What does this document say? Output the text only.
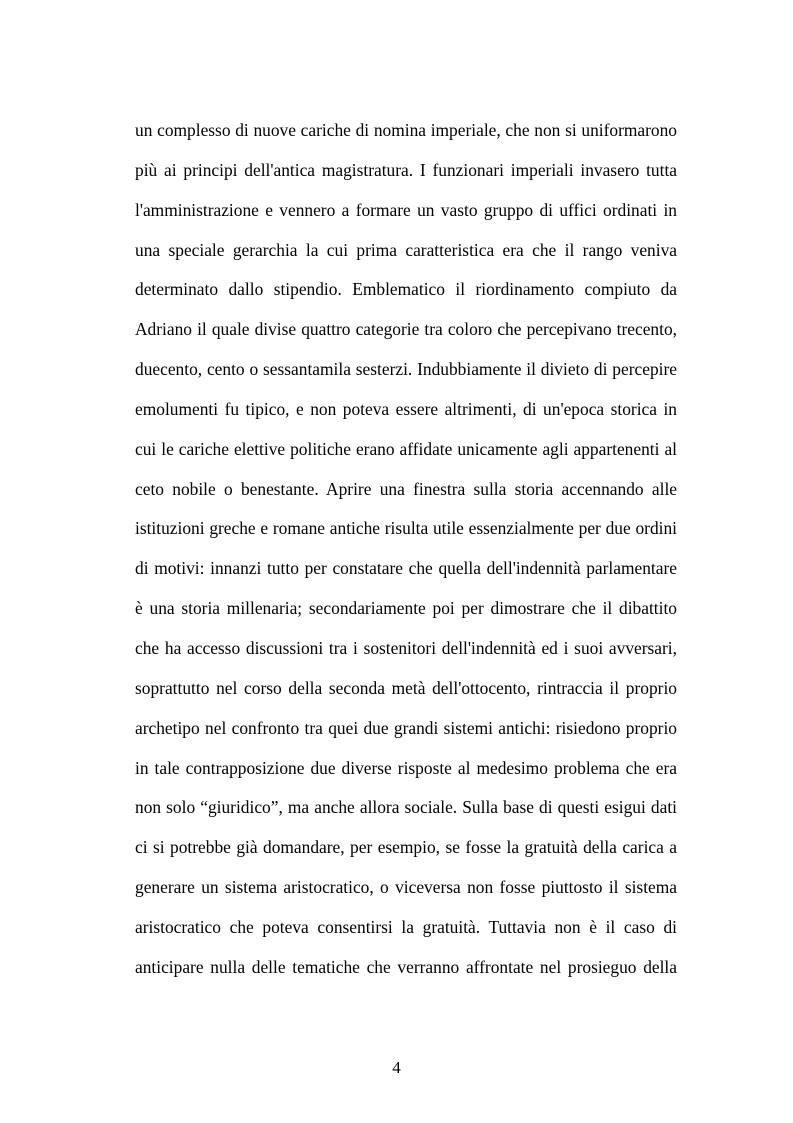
un complesso di nuove cariche di nomina imperiale, che non si uniformarono
più ai principi dell'antica magistratura. I funzionari imperiali invasero tutta
l'amministrazione e vennero a formare un vasto gruppo di uffici ordinati in
una speciale gerarchia la cui prima caratteristica era che il rango veniva
determinato dallo stipendio. Emblematico il riordinamento compiuto da
Adriano il quale divise quattro categorie tra coloro che percepivano trecento,
duecento, cento o sessantamila sesterzi. Indubbiamente il divieto di percepire
emolumenti fu tipico, e non poteva essere altrimenti, di un'epoca storica in
cui le cariche elettive politiche erano affidate unicamente agli appartenenti al
ceto nobile o benestante. Aprire una finestra sulla storia accennando alle
istituzioni greche e romane antiche risulta utile essenzialmente per due ordini
di motivi: innanzi tutto per constatare che quella dell'indennità parlamentare
è una storia millenaria; secondariamente poi per dimostrare che il dibattito
che ha accesso discussioni tra i sostenitori dell'indennità ed i suoi avversari,
soprattutto nel corso della seconda metà dell'ottocento, rintraccia il proprio
archetipo nel confronto tra quei due grandi sistemi antichi: risiedono proprio
in tale contrapposizione due diverse risposte al medesimo problema che era
non solo “giuridico”, ma anche allora sociale. Sulla base di questi esigui dati
ci si potrebbe già domandare, per esempio, se fosse la gratuità della carica a
generare un sistema aristocratico, o viceversa non fosse piuttosto il sistema
aristocratico che poteva consentirsi la gratuità. Tuttavia non è il caso di
anticipare nulla delle tematiche che verranno affrontate nel prosieguo della
4
